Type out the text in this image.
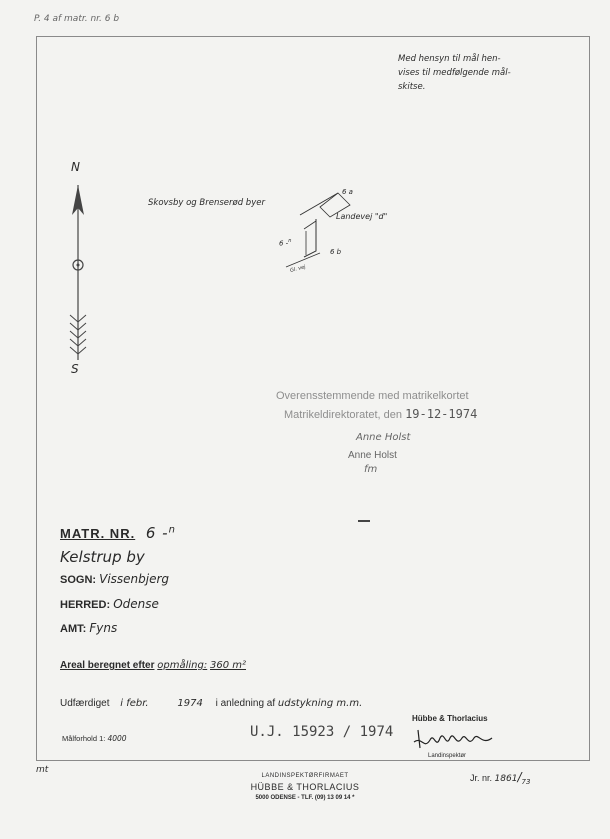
P. 4 af matr. nr. 6 b
Med hensyn til mål hen-
vises til medfølgende mål-
skitse.
N
S
Skovsby og Brenserød byer
6 a
Landevej "d"
6 b
6 -$^n$
Gl. vej
Overensstemmende med matrikelkortet
Matrikeldirektoratet, den 19-12-1974
Anne Holst
Anne Holst
fm
MATR. NR. 6 -$^n$
Kelstrup by
SOGN: Vissenbjerg
HERRED: Odense
AMT: Fyns
Areal beregnet efter opmåling: 360 m²
Udfærdiget i febr.	1974 i anledning af udstykning m.m.
Hübbe & Thorlacius
Målforhold 1: 4000	U.J. 15923 / 1974
Landinspektør
mt
LANDINSPEKTØRFIRMAET
HÜBBE & THORLACIUS
5000 ODENSE - TLF. (09) 13 09 14 *
Jr. nr. $1861/_{73}$
